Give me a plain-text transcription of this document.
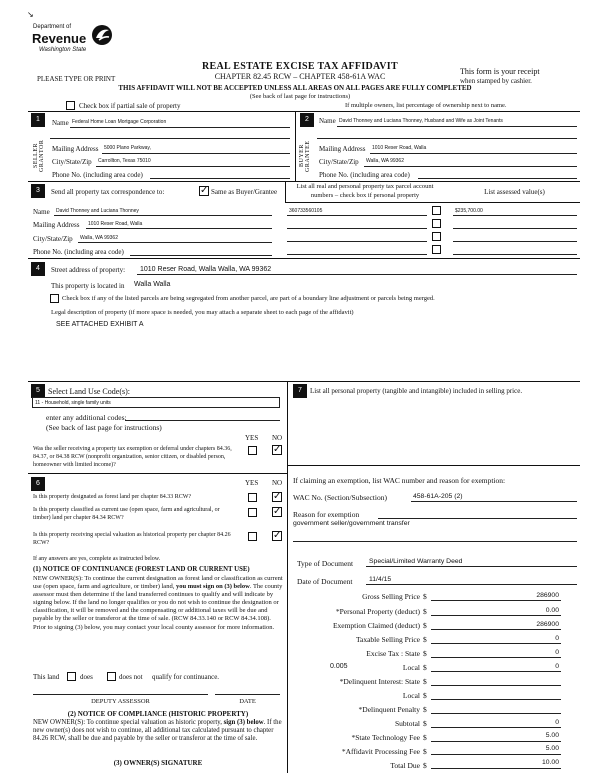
Department of
Revenue
Washington State
↘
REAL ESTATE EXCISE TAX AFFIDAVIT
CHAPTER 82.45 RCW – CHAPTER 458-61A WAC
PLEASE TYPE OR PRINT
This form is your receipt
when stamped by cashier.
THIS AFFIDAVIT WILL NOT BE ACCEPTED UNLESS ALL AREAS ON ALL PAGES ARE FULLY COMPLETED
(See back of last page for instructions)
Check box if partial sale of property	If multiple owners, list percentage of ownership next to name.
1
SELLER GRANTOR
Name Federal Home Loan Mortgage Corporation
Mailing Address 5000 Plano Parkway,
City/State/Zip Carrollton, Texas 75010
Phone No. (including area code)
2
BUYER GRANTEE
Name David Thonney and Luciana Thonney, Husband and Wife as Joint Tenants
Mailing Address 1010 Reser Road, Walla
City/State/Zip Walla, WA 99362
Phone No. (including area code)
3	Send all property tax correspondence to:	✓ Same as Buyer/Grantee
List all real and personal property tax parcel account
numbers – check box if personal property	List assessed value(s)
Name David Thonney and Luciana Thonney
Mailing Address 1010 Reser Road, Walla
City/State/Zip Walla, WA 99362
Phone No. (including area code)
360733560105	$235,700.00
4	Street address of property: 1010 Reser Road, Walla Walla, WA 99362
This property is located in Walla Walla
Check box if any of the listed parcels are being segregated from another parcel, are part of a boundary line adjustment or parcels being merged.
Legal description of property (if more space is needed, you may attach a separate sheet to each page of the affidavit)
SEE ATTACHED EXHIBIT A
5	Select Land Use Code(s):
11 - Household, single family units
enter any additional codes:
(See back of last page for instructions)
YES NO
Was the seller receiving a property tax exemption or deferral under chapters 84.36, 84.37, or 84.38 RCW (nonprofit organization, senior citizen, or disabled person, homeowner with limited income)?
✓
6	YES NO
Is this property designated as forest land per chapter 84.33 RCW?	✓
Is this property classified as current use (open space, farm and agricultural, or timber) land per chapter 84.34 RCW?
✓
Is this property receiving special valuation as historical property per chapter 84.26 RCW?
✓
If any answers are yes, complete as instructed below.
(1) NOTICE OF CONTINUANCE (FOREST LAND OR CURRENT USE)
NEW OWNER(S): To continue the current designation as forest land or classification as current use (open space, farm and agriculture, or timber) land, you must sign on (3) below. The county assessor must then determine if the land transferred continues to qualify and will indicate by signing below. If the land no longer qualifies or you do not wish to continue the designation or classification, it will be removed and the compensating or additional taxes will be due and payable by the seller or transferor at the time of sale. (RCW 84.33.140 or RCW 84.34.108). Prior to signing (3) below, you may contact your local county assessor for more information.
This land	does	does not qualify for continuance.
DEPUTY ASSESSOR	DATE
(2) NOTICE OF COMPLIANCE (HISTORIC PROPERTY)
NEW OWNER(S): To continue special valuation as historic property, sign (3) below. If the new owner(s) does not wish to continue, all additional tax calculated pursuant to chapter 84.26 RCW, shall be due and payable by the seller or transferor at the time of sale.
(3) OWNER(S) SIGNATURE
7	List all personal property (tangible and intangible) included in selling price.
If claiming an exemption, list WAC number and reason for exemption:
WAC No. (Section/Subsection)	458-61A-205 (2)
Reason for exemption
government seller/government transfer
Type of Document Special/Limited Warranty Deed
Date of Document 11/4/15
Gross Selling Price $	286900
*Personal Property (deduct) $	0.00
Exemption Claimed (deduct) $	286900
Taxable Selling Price $	0
Excise Tax : State $	0
0.005	Local $	0
*Delinquent Interest: State $
Local $
*Delinquent Penalty $
Subtotal $	0
*State Technology Fee $	5.00
*Affidavit Processing Fee $	5.00
Total Due $	10.00
